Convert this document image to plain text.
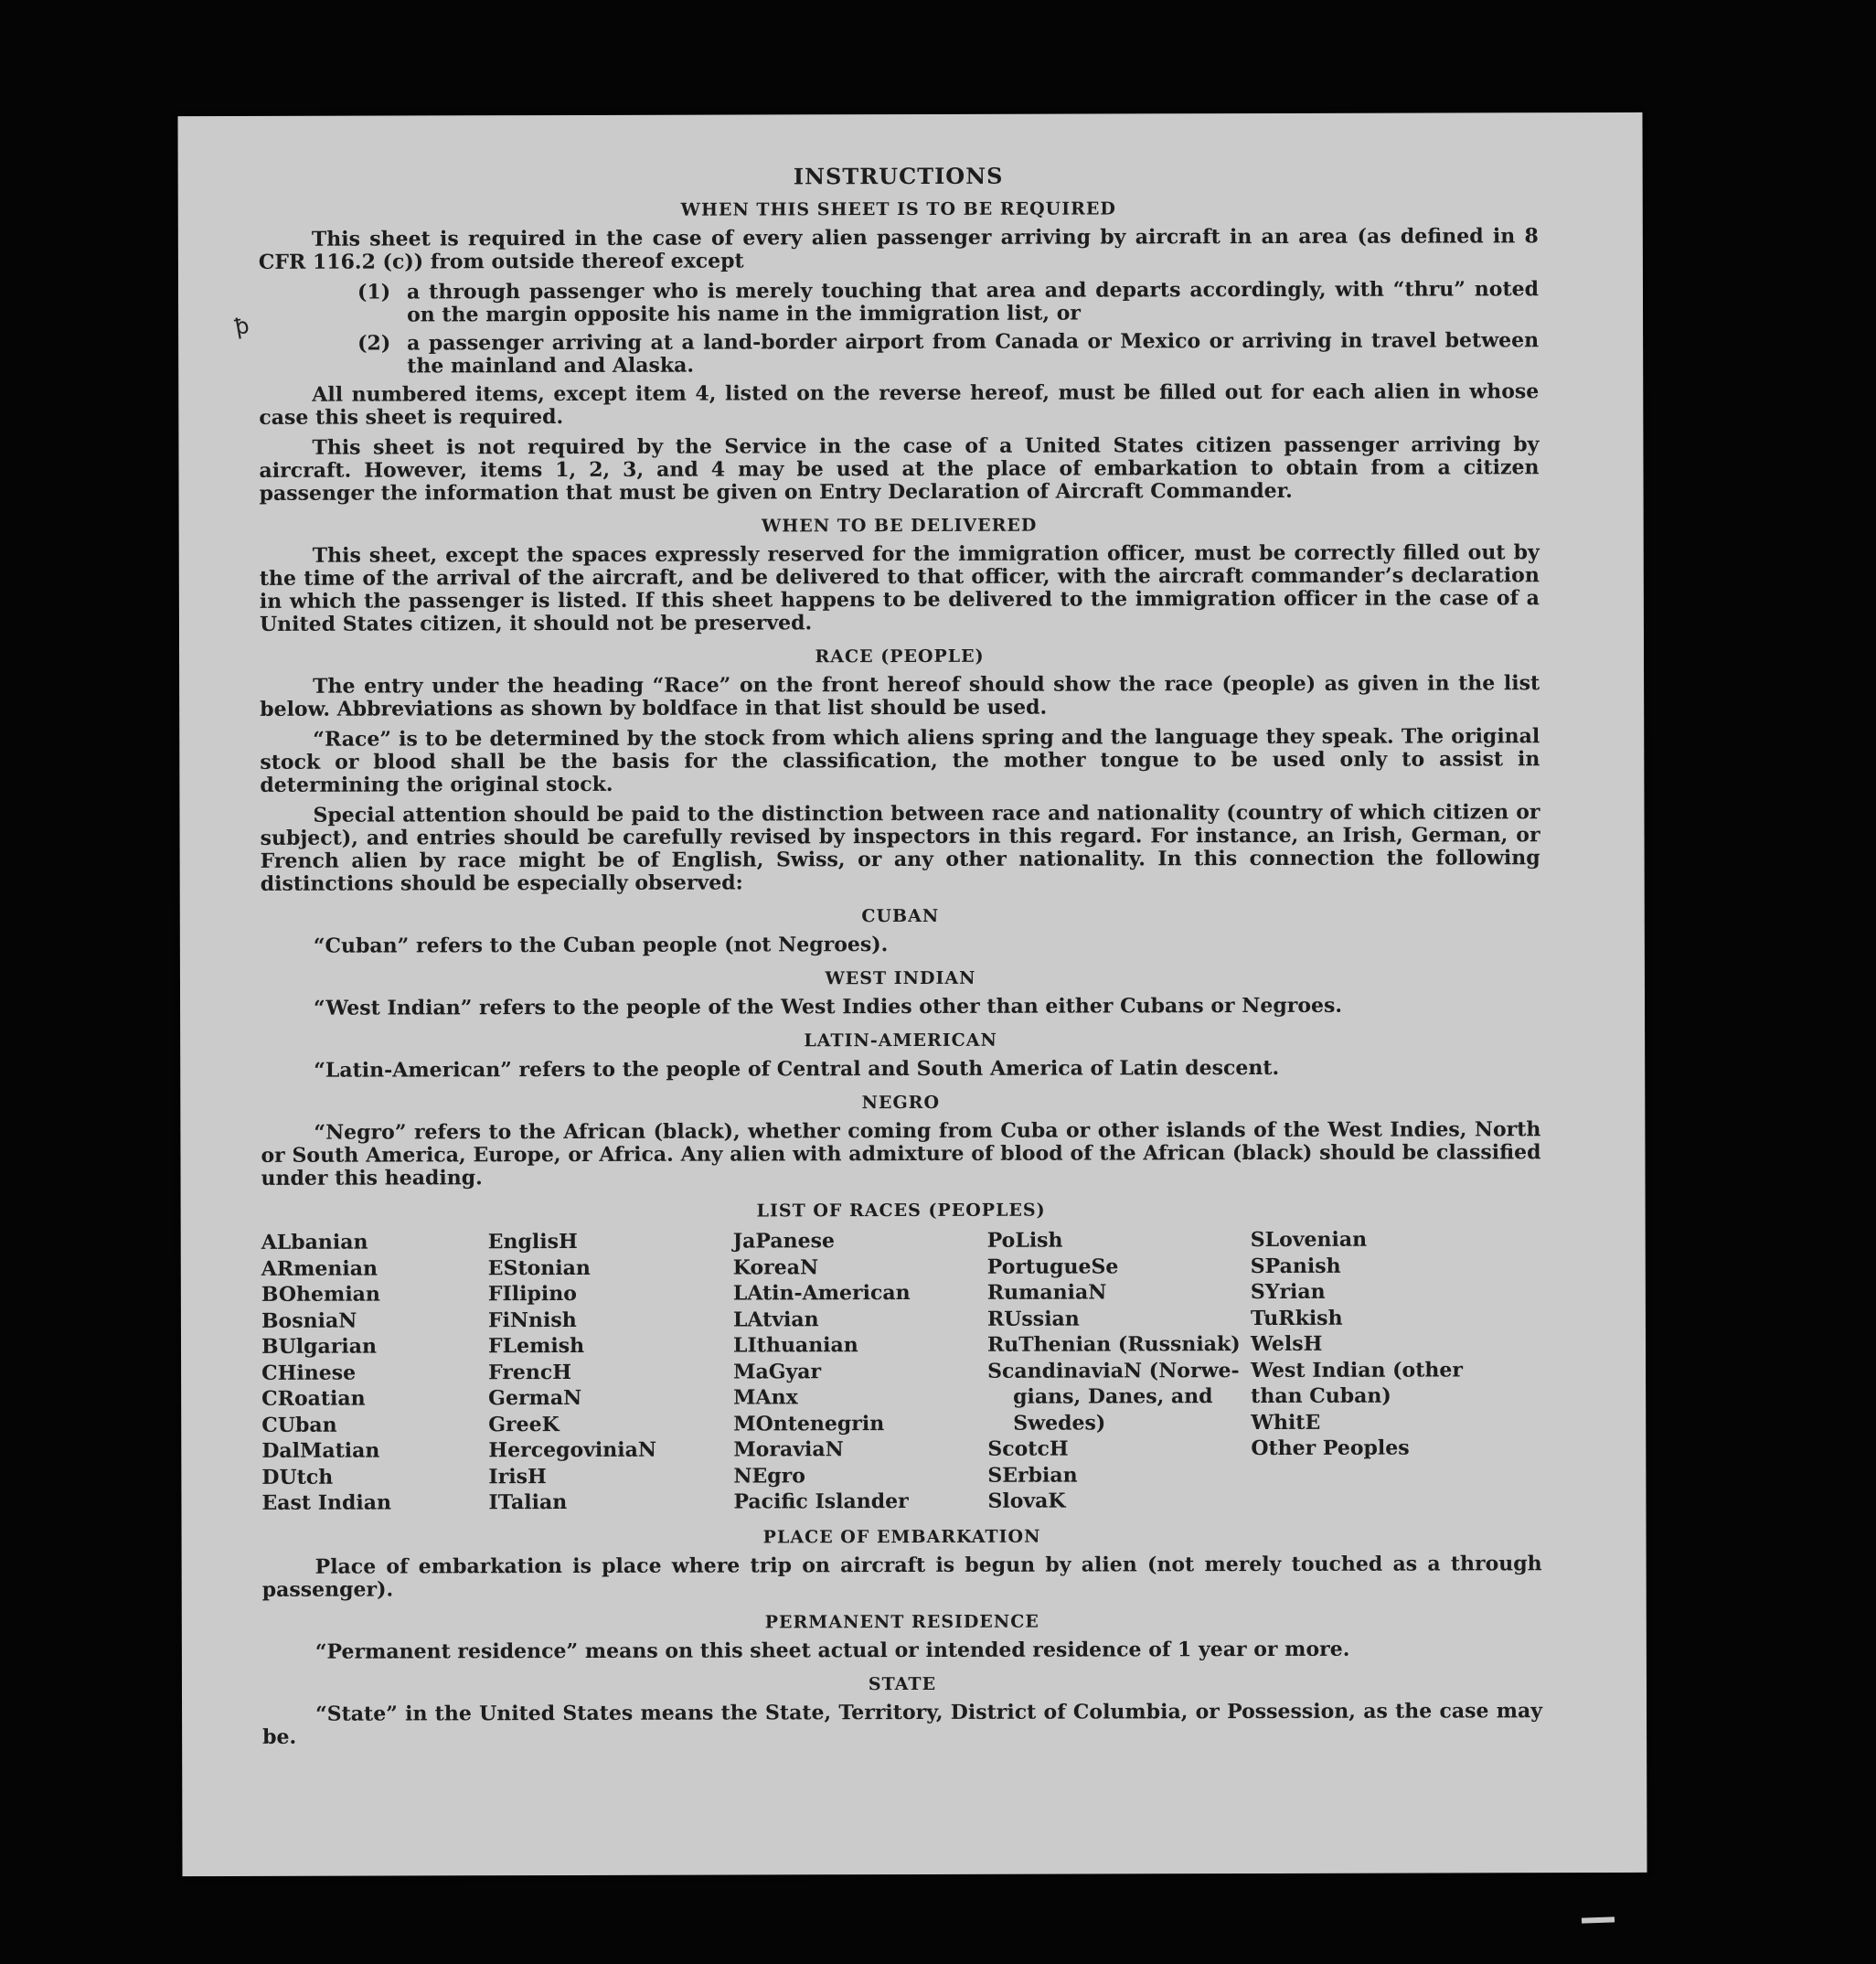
ꝥ
INSTRUCTIONS
WHEN THIS SHEET IS TO BE REQUIRED

This sheet is required in the case of every alien passenger arriving by aircraft in an area (as defined in 8 CFR 116.2 (c)) from outside thereof except

(1) a through passenger who is merely touching that area and departs accordingly, with “thru” noted on the margin opposite his name in the immigration list, or
(2) a passenger arriving at a land-border airport from Canada or Mexico or arriving in travel between the mainland and Alaska.

All numbered items, except item 4, listed on the reverse hereof, must be filled out for each alien in whose case this sheet is required.

This sheet is not required by the Service in the case of a United States citizen passenger arriving by aircraft. However, items 1, 2, 3, and 4 may be used at the place of embarkation to obtain from a citizen passenger the information that must be given on Entry Declaration of Aircraft Commander.

WHEN TO BE DELIVERED

This sheet, except the spaces expressly reserved for the immigration officer, must be correctly filled out by the time of the arrival of the aircraft, and be delivered to that officer, with the aircraft commander’s declaration in which the passenger is listed. If this sheet happens to be delivered to the immigration officer in the case of a United States citizen, it should not be preserved.

RACE (PEOPLE)

The entry under the heading “Race” on the front hereof should show the race (people) as given in the list below. Abbreviations as shown by boldface in that list should be used.

“Race” is to be determined by the stock from which aliens spring and the language they speak. The original stock or blood shall be the basis for the classification, the mother tongue to be used only to assist in determining the original stock.

Special attention should be paid to the distinction between race and nationality (country of which citizen or subject), and entries should be carefully revised by inspectors in this regard. For instance, an Irish, German, or French alien by race might be of English, Swiss, or any other nationality. In this connection the following distinctions should be especially observed:

CUBAN

“Cuban” refers to the Cuban people (not Negroes).

WEST INDIAN

“West Indian” refers to the people of the West Indies other than either Cubans or Negroes.

LATIN-AMERICAN

“Latin-American” refers to the people of Central and South America of Latin descent.

NEGRO

“Negro” refers to the African (black), whether coming from Cuba or other islands of the West Indies, North or South America, Europe, or Africa. Any alien with admixture of blood of the African (black) should be classified under this heading.

LIST OF RACES (PEOPLES)
ALbanian
ARmenian
BOhemian
BosniaN
BUlgarian
CHinese
CRoatian
CUban
DalMatian
DUtch
East Indian
EnglisH
EStonian
FIlipino
FiNnish
FLemish
FrencH
GermaN
GreeK
HercegoviniaN
IrisH
ITalian
JaPanese
KoreaN
LAtin-American
LAtvian
LIthuanian
MaGyar
MAnx
MOntenegrin
MoraviaN
NEgro
Pacific Islander
PoLish
PortugueSe
RumaniaN
RUssian
RuThenian (Russniak)
ScandinaviaN (Norwe-
gians, Danes, and
Swedes)
ScotcH
SErbian
SlovaK
SLovenian
SPanish
SYrian
TuRkish
WelsH
West Indian (other
than Cuban)
WhitE
Other Peoples
PLACE OF EMBARKATION

Place of embarkation is place where trip on aircraft is begun by alien (not merely touched as a through passenger).

PERMANENT RESIDENCE

“Permanent residence” means on this sheet actual or intended residence of 1 year or more.

STATE

“State” in the United States means the State, Territory, District of Columbia, or Possession, as the case may be.
